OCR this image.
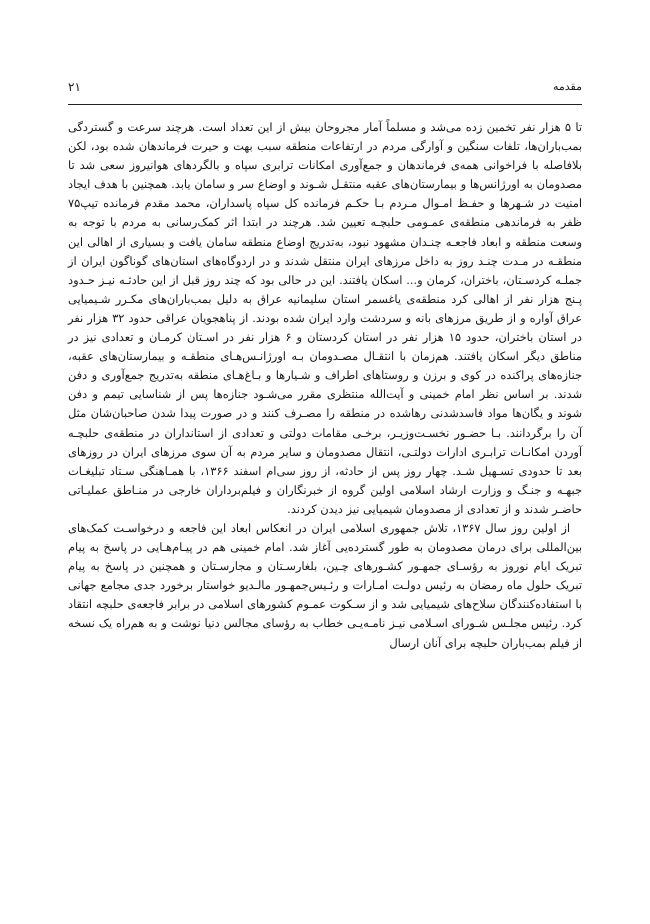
مقدمه
۲۱

تا ۵ هزار نفر تخمین زده می‌شد و مسلماً آمار مجروحان بیش از این تعداد است. هرچند سرعت و گستردگی بمب‌باران‌ها، تلفات سنگین و آوارگی مردم در ارتفاعات منطقه سبب بهت و حیرت فرماندهان شده بود، لکن بلافاصله با فراخوانی همه‌ی فرماندهان و جمع‌آوری امکانات ترابری سپاه و بالگردهای هوانیروز سعی شد تا مصدومان به اورژانس‌ها و بیمارستان‌های عقبه منتقـل شـوند و اوضاع سر و سامان یابد. همچنین با هدف ایجاد امنیت در شـهرها و حفـظ امـوال مـردم بـا حکـم فرمانده کل سپاه پاسداران، محمد مقدم فرمانده تیپ۷۵ ظفر به فرماندهی منطقه‌ی عمـومی حلبچـه تعیین شد. هرچند در ابتدا اثر کمک‌رسانی به مردم با توجه به وسعت منطقه و ابعاد فاجعـه چنـدان مشهود نبود، به‌تدریج اوضاع منطقه سامان یافت و بسیاری از اهالی این منطقـه در مـدت چنـد روز به داخل مرزهای ایران منتقل شدند و در اردوگاه‌های استان‌های گوناگون ایران از جملـه کردسـتان، باختران، کرمان و... اسکان یافتند. این در حالی بود که چند روز قبل از این حادثـه نیـز حـدود پـنج هزار نفر از اهالی کرد منطقه‌ی یاغسمر استان سلیمانیه عراق به دلیل بمب‌باران‌های مکـرر شـیمیایی عراق آواره و از طریق مرزهای بانه و سردشت وارد ایران شده بودند. از پناهجویان عراقی حدود ۳۲ هزار نفر در استان باختران، حدود ۱۵ هزار نفر در استان کردستان و ۶ هزار نفر در اسـتان کرمـان و تعدادی نیز در مناطق دیگر اسکان یافتند. هم‌زمان با انتقـال مصـدومان بـه اورژانـس‌هـای منطقـه و بیمارستان‌های عقبه، جنازه‌های پراکنده در کوی و برزن و روستاهای اطراف و شـیارها و بـاغ‌هـای منطقه به‌تدریج جمع‌آوری و دفن شدند. بر اساس نظر امام خمینی و آیت‌الله منتظری مقرر می‌شـود جنازه‌ها پس از شناسایی تیمم و دفن شوند و یگان‌ها مواد فاسدشدنی رهاشده در منطقه را مصـرف کنند و در صورت پیدا شدن صاحبان‌شان مثل آن را برگردانند. بـا حضـور نخسـت‌وزیـر، برخـی مقامات دولتی و تعدادی از استانداران در منطقه‌ی حلبچـه آوردن امکانـات ترابـری ادارات دولتـی، انتقال مصدومان و سایر مردم به آن سوی مرزهای ایران در روزهای بعد تا حدودی تسـهیل شـد. چهار روز پس از حادثه، از روز سی‌ام اسفند ۱۳۶۶، با همـاهنگی سـتاد تبلیغـات جبهـه و جنـگ و وزارت ارشاد اسلامی اولین گروه از خبرنگاران و فیلم‌برداران خارجی در منـاطق عملیـاتی حاضـر شدند و از تعدادی از مصدومان شیمیایی نیز دیدن کردند.

از اولین روز سال ۱۳۶۷، تلاش جمهوری اسلامی ایران در انعکاس ابعاد این فاجعه و درخواسـت کمک‌های بین‌المللی برای درمان مصدومان به طور گسترده‌یی آغاز شد. امام خمینی هم در پیـام‌هـایی در پاسخ به پیام تبریک ایام نوروز به رؤسـای جمهـور کشـورهای چـین، بلغارسـتان و مجارسـتان و همچنین در پاسخ به پیام تبریک حلول ماه رمضان به رئیس دولـت امـارات و رئـیس‌جمهـور مالـدیو خواستار برخورد جدی مجامع جهانی با استفاده‌کنندگان سلاح‌های شیمیایی شد و از سـکوت عمـوم کشورهای اسلامی در برابر فاجعه‌ی حلبچه انتقاد کرد. رئیس مجلـس شـورای اسـلامی نیـز نامـه‌یـی خطاب به رؤسای مجالس دنیا نوشت و به هم‌راه یک نسخه از فیلم بمب‌باران حلبچه برای آنان ارسال
